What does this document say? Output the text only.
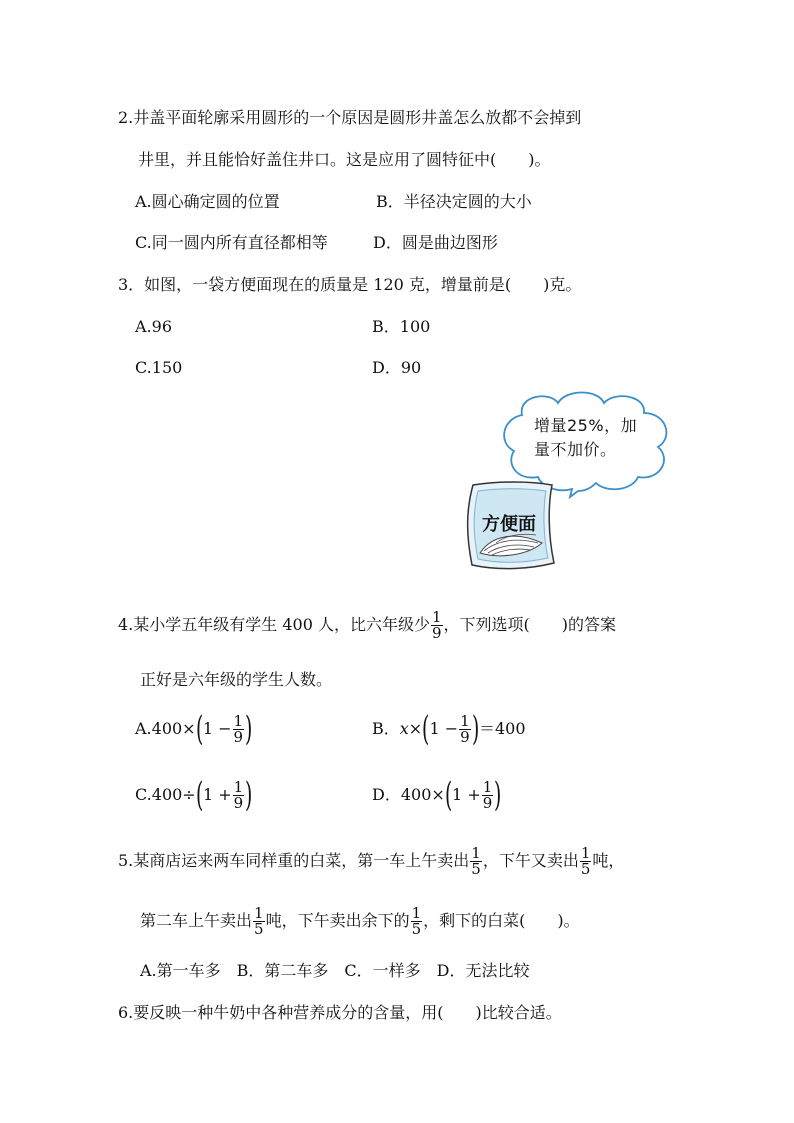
2.井盖平面轮廓采用圆形的一个原因是圆形井盖怎么放都不会掉到
井里，并且能恰好盖住井口。这是应用了圆特征中(　　)。
A.圆心确定圆的位置	B．半径决定圆的大小
C.同一圆内所有直径都相等	D．圆是曲边图形
3．如图，一袋方便面现在的质量是 120 克，增量前是(　　)克。
A.96	B．100
C.150	D．90
增量25%，加
量不加价。
方便面
4.某小学五年级有学生 400 人，比六年级少 $\frac{1}{9}$ ，下列选项(　　)的答案
正好是六年级的学生人数。
A.400× ( $1 - \frac{1}{9}$ )	B． x × ( $1 - \frac{1}{9}$ ) ＝400
C.400÷ ( $1 + \frac{1}{9}$ )	D．400× ( $1 + \frac{1}{9}$ )
5.某商店运来两车同样重的白菜，第一车上午卖出 $\frac{1}{5}$ ，下午又卖出 $\frac{1}{5}$ 吨，
第二车上午卖出 $\frac{1}{5}$ 吨，下午卖出余下的 $\frac{1}{5}$ ，剩下的白菜(　　)。
A.第一车多　B．第二车多　C．一样多　D．无法比较
6.要反映一种牛奶中各种营养成分的含量，用(　　)比较合适。
